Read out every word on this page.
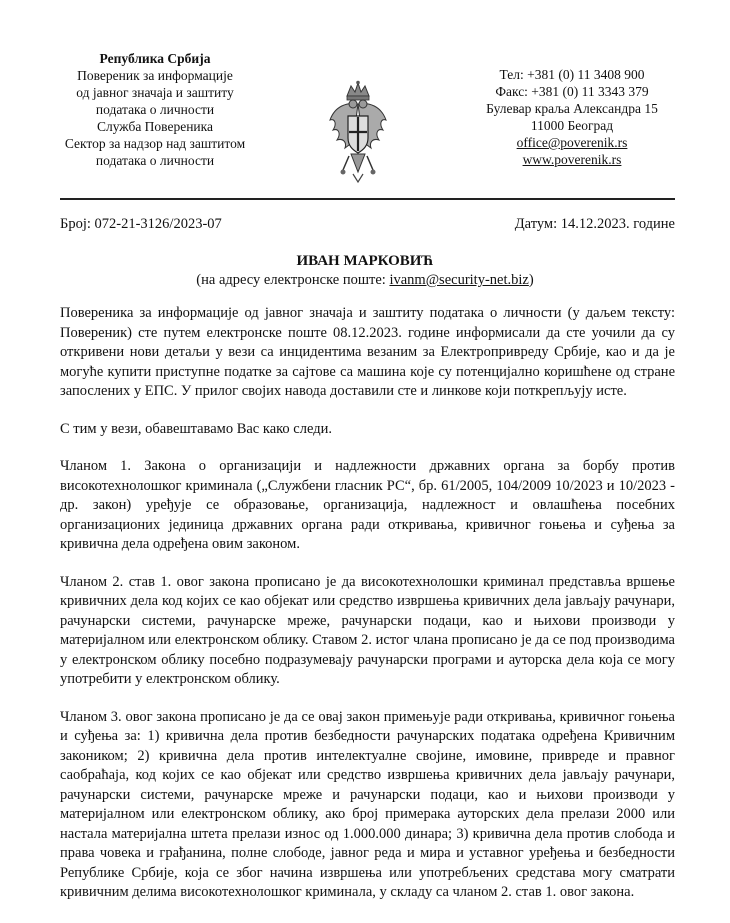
Република Србија
Повереник за информације
од јавног значаја и заштиту
података о личности
Служба Повереника
Сектор за надзор над заштитом
података о личности
Тел: +381 (0) 11 3408 900
Факс: +381 (0) 11 3343 379
Булевар краља Александра 15
11000 Београд
office@poverenik.rs
www.poverenik.rs
Број: 072-21-3126/2023-07	Датум: 14.12.2023. године
ИВАН МАРКОВИЋ
(на адресу електронске поште: ivanm@security-net.biz)

Повереника за информације од јавног значаја и заштиту података о личности (у даљем тексту: Повереник) сте путем електронске поште 08.12.2023. године информисали да сте уочили да су откривени нови детаљи у вези са инцидентима везаним за Електропривреду Србије, као и да је могуће купити приступне податке за сајтове са машина које су потенцијално коришћене од стране запослених у ЕПС. У прилог својих навода доставили сте и линкове који поткрепљују исте.

С тим у вези, обавештавамо Вас како следи.

Чланом 1. Закона о организацији и надлежности државних органа за борбу против високотехнолошког криминала („Службени гласник РС“, бр. 61/2005, 104/2009 10/2023 и 10/2023 - др. закон) уређује се образовање, организација, надлежност и овлашћења посебних организационих јединица државних органа ради откривања, кривичног гоњења и суђења за кривична дела одређена овим законом.

Чланом 2. став 1. овог закона прописано је да високотехнолошки криминал представља вршење кривичних дела код којих се као објекат или средство извршења кривичних дела јављају рачунари, рачунарски системи, рачунарске мреже, рачунарски подаци, као и њихови производи у материјалном или електронском облику. Ставом 2. истог члана прописано је да се под производима у електронском облику посебно подразумевају рачунарски програми и ауторска дела која се могу употребити у електронском облику.

Чланом 3. овог закона прописано је да се овај закон примењује ради откривања, кривичног гоњења и суђења за: 1) кривична дела против безбедности рачунарских података одређена Кривичним закоником; 2) кривична дела против интелектуалне својине, имовине, привреде и правног саобраћаја, код којих се као објекат или средство извршења кривичних дела јављају рачунари, рачунарски системи, рачунарске мреже и рачунарски подаци, као и њихови производи у материјалном или електронском облику, ако број примерака ауторских дела прелази 2000 или настала материјална штета прелази износ од 1.000.000 динара; 3) кривична дела против слобода и права човека и грађанина, полне слободе, јавног реда и мира и уставног уређења и безбедности Републике Србије, која се због начина извршења или употребљених средстава могу сматрати кривичним делима високотехнолошког криминала, у складу са чланом 2. став 1. овог закона.
